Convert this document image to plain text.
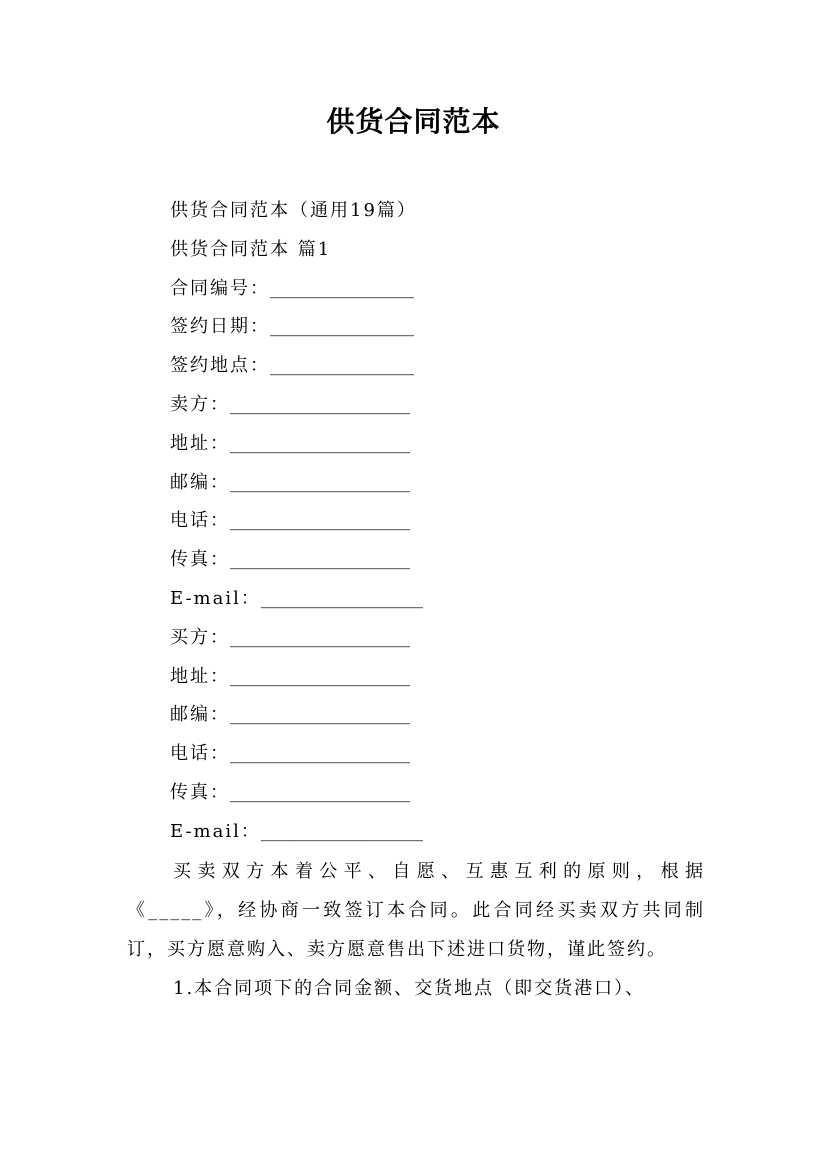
供货合同范本
供货合同范本（通用19篇）
供货合同范本 篇1
合同编号：________________
签约日期：________________
签约地点：________________
卖方：____________________
地址：____________________
邮编：____________________
电话：____________________
传真：____________________
E-mail：__________________
买方：____________________
地址：____________________
邮编：____________________
电话：____________________
传真：____________________
E-mail：__________________

买卖双方本着公平、自愿、互惠互利的原则，根据《_____》，经协商一致签订本合同。此合同经买卖双方共同制订，买方愿意购入、卖方愿意售出下述进口货物，谨此签约。

1.本合同项下的合同金额、交货地点（即交货港口）、
